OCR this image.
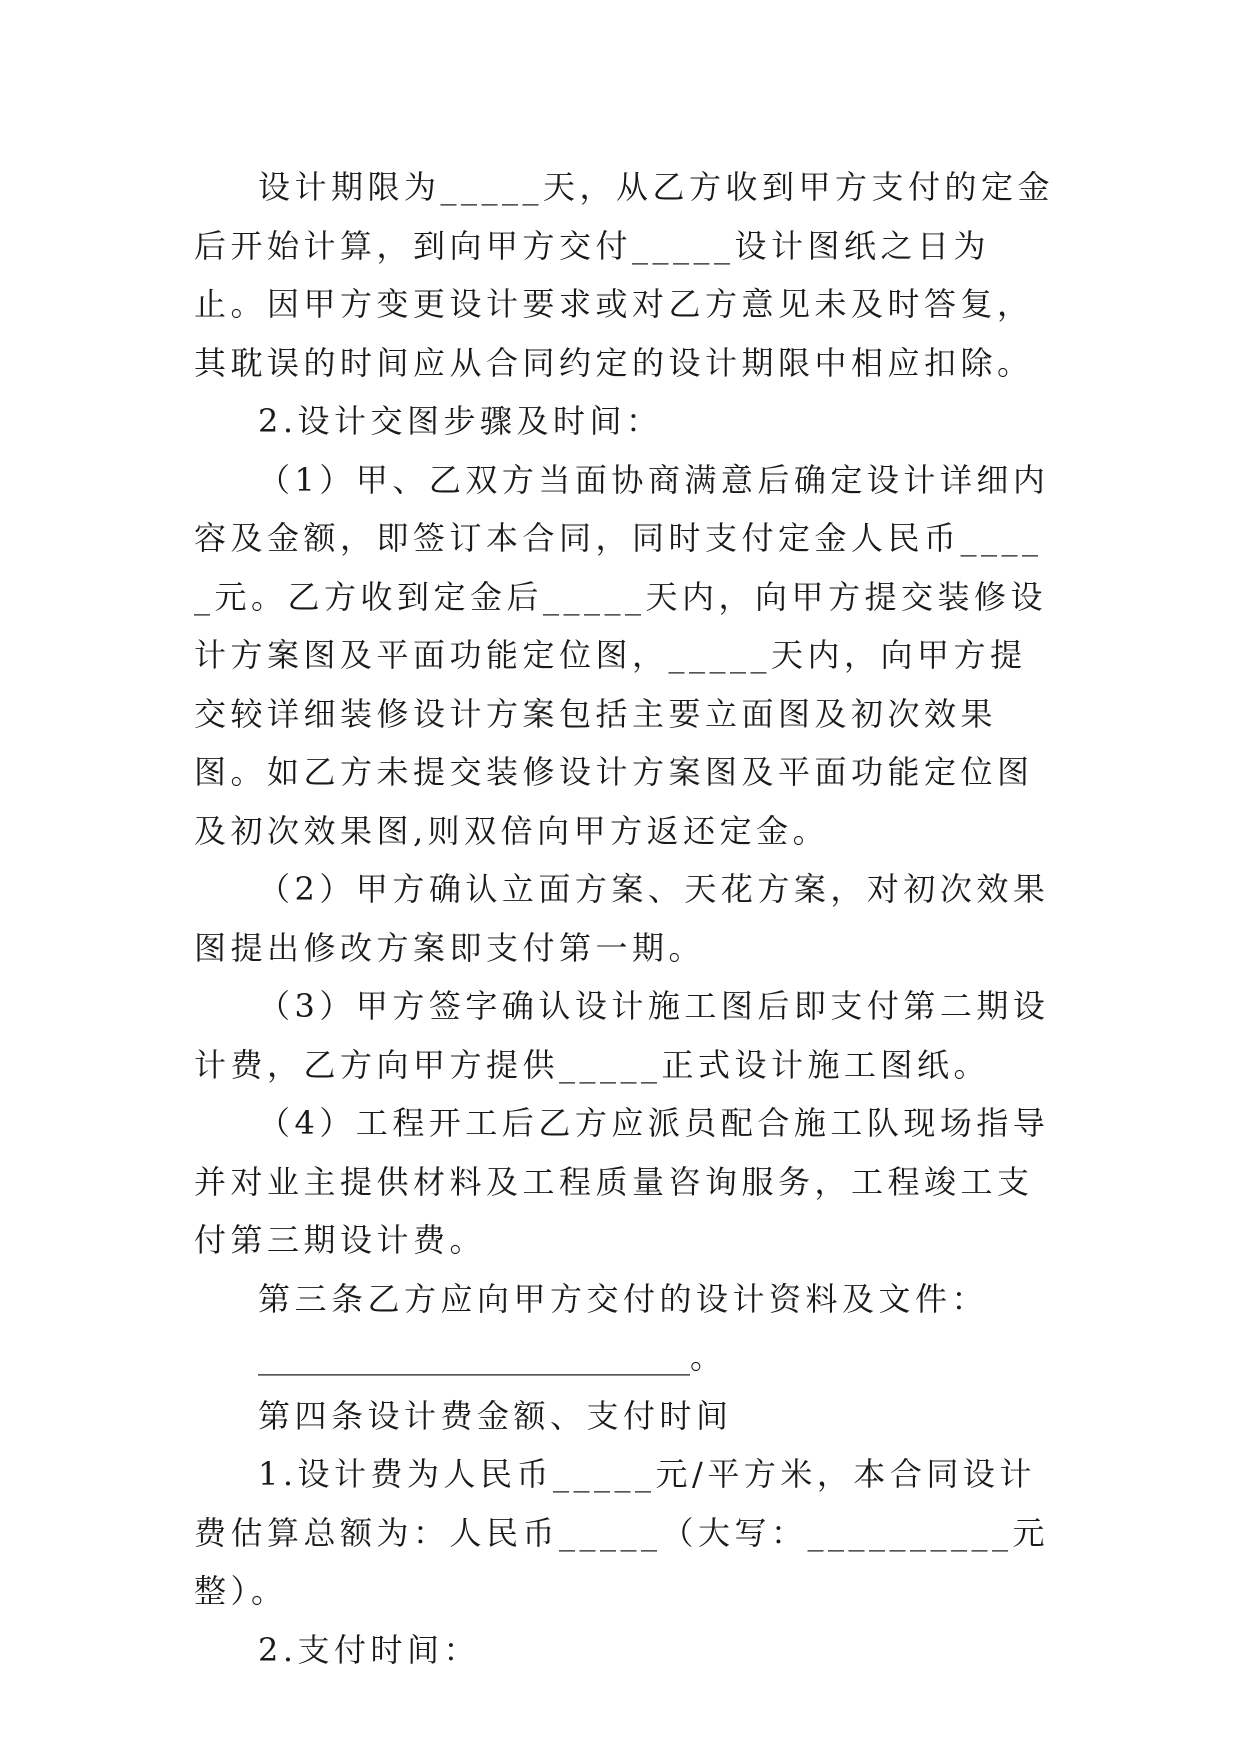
设计期限为_____天，从乙方收到甲方支付的定金后开始计算，到向甲方交付_____设计图纸之日为止。因甲方变更设计要求或对乙方意见未及时答复，其耽误的时间应从合同约定的设计期限中相应扣除。

2.设计交图步骤及时间：

（1）甲、乙双方当面协商满意后确定设计详细内容及金额，即签订本合同，同时支付定金人民币_____元。乙方收到定金后_____天内，向甲方提交装修设计方案图及平面功能定位图，_____天内，向甲方提交较详细装修设计方案包括主要立面图及初次效果图。如乙方未提交装修设计方案图及平面功能定位图及初次效果图,则双倍向甲方返还定金。

（2）甲方确认立面方案、天花方案，对初次效果图提出修改方案即支付第一期。

（3）甲方签字确认设计施工图后即支付第二期设计费，乙方向甲方提供_____正式设计施工图纸。

（4）工程开工后乙方应派员配合施工队现场指导并对业主提供材料及工程质量咨询服务，工程竣工支付第三期设计费。

第三条乙方应向甲方交付的设计资料及文件：

___________________________。

第四条设计费金额、支付时间

1.设计费为人民币_____元/平方米，本合同设计费估算总额为：人民币_____（大写：__________元整）。

2.支付时间：
